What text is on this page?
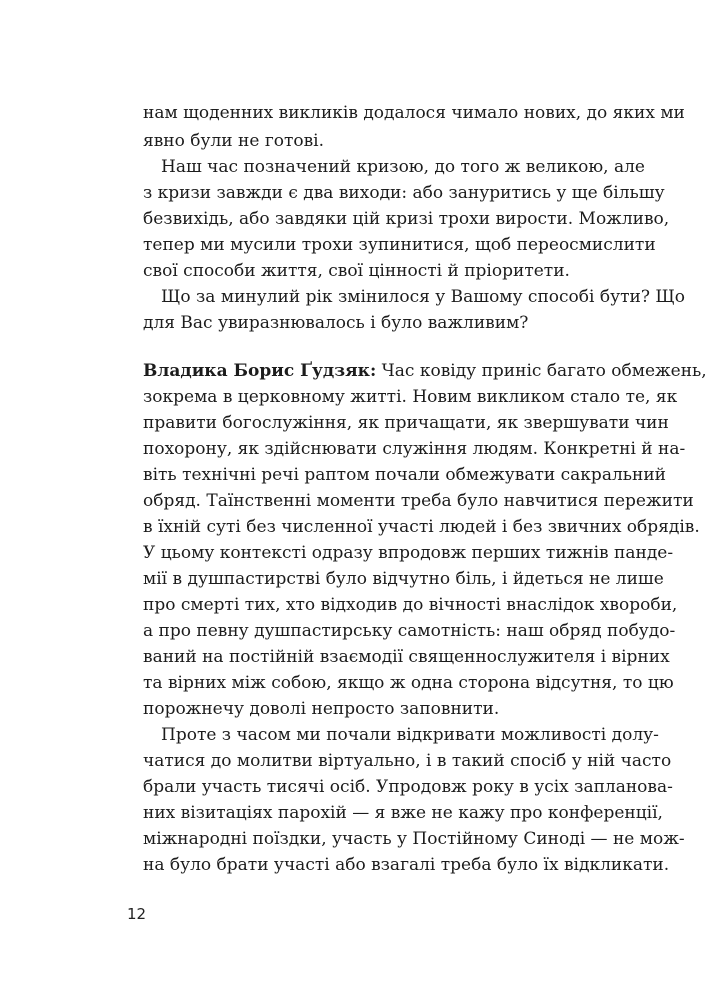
нам щоденних викликів додалося чимало нових, до яких ми
явно були не готові.
Наш час позначений кризою, до того ж великою, але
з кризи завжди є два виходи: або зануритись у ще більшу
безвихідь, або завдяки цій кризі трохи вирости. Можливо,
тепер ми мусили трохи зупинитися, щоб переосмислити
свої способи життя, свої цінності й пріоритети.
Що за минулий рік змінилося у Вашому способі бути? Що
для Вас увиразнювалось і було важливим?
Владика Борис Ґудзяк: Час ковіду приніс багато обмежень,
зокрема в церковному житті. Новим викликом стало те, як
правити богослужіння, як причащати, як звершувати чин
похорону, як здійснювати служіння людям. Конкретні й на-
віть технічні речі раптом почали обмежувати сакральний
обряд. Таїнственні моменти треба було навчитися пережити
в їхній суті без численної участі людей і без звичних обрядів.
У цьому контексті одразу впродовж перших тижнів панде-
мії в душпастирстві було відчутно біль, і йдеться не лише
про смерті тих, хто відходив до вічності внаслідок хвороби,
а про певну душпастирську самотність: наш обряд побудо-
ваний на постійній взаємодії священнослужителя і вірних
та вірних між собою, якщо ж одна сторона відсутня, то цю
порожнечу доволі непросто заповнити.
Проте з часом ми почали відкривати можливості долу-
чатися до молитви віртуально, і в такий спосіб у ній часто
брали участь тисячі осіб. Упродовж року в усіх запланова-
них візитаціях парохій — я вже не кажу про конференції,
міжнародні поїздки, участь у Постійному Синоді — не мож-
на було брати участі або взагалі треба було їх відкликати.
12
